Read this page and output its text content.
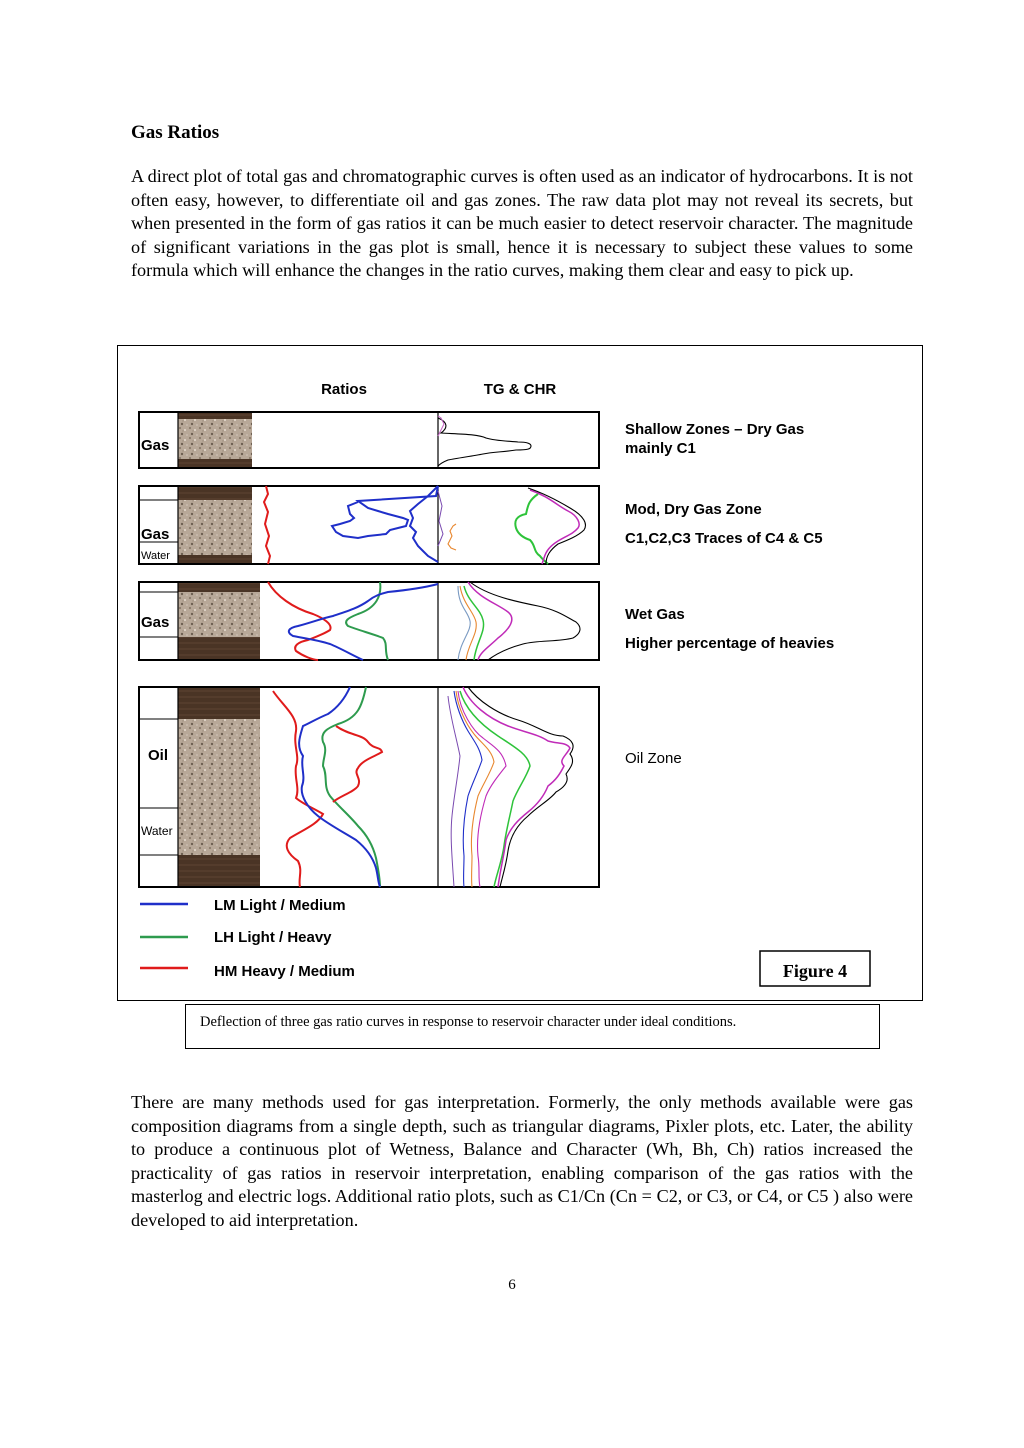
Gas Ratios

A direct plot of total gas and chromatographic curves is often used as an indicator of hydrocarbons. It is not often easy, however, to differentiate oil and gas zones. The raw data plot may not reveal its secrets, but when presented in the form of gas ratios it can be much easier to detect reservoir character. The magnitude of significant variations in the gas plot is small, hence it is necessary to subject these values to some formula which will enhance the changes in the ratio curves, making them clear and easy to pick up.

Ratios	TG & CHR
Gas
Shallow Zones – Dry Gas
mainly C1
Gas
Water
Mod, Dry Gas Zone
C1,C2,C3 Traces of C4 & C5
Gas	Wet Gas
Higher percentage of heavies
Oil
Water
Oil Zone
LM Light / Medium
LH Light / Heavy
HM Heavy / Medium	Figure 4
Deflection of three gas ratio curves in response to reservoir character under ideal conditions.

There are many methods used for gas interpretation. Formerly, the only methods available were gas composition diagrams from a single depth, such as triangular diagrams, Pixler plots, etc. Later, the ability to produce a continuous plot of Wetness, Balance and Character (Wh, Bh, Ch) ratios increased the practicality of gas ratios in reservoir interpretation, enabling comparison of the gas ratios with the masterlog and electric logs. Additional ratio plots, such as C1/Cn (Cn = C2, or C3, or C4, or C5 ) also were developed to aid interpretation.

6
